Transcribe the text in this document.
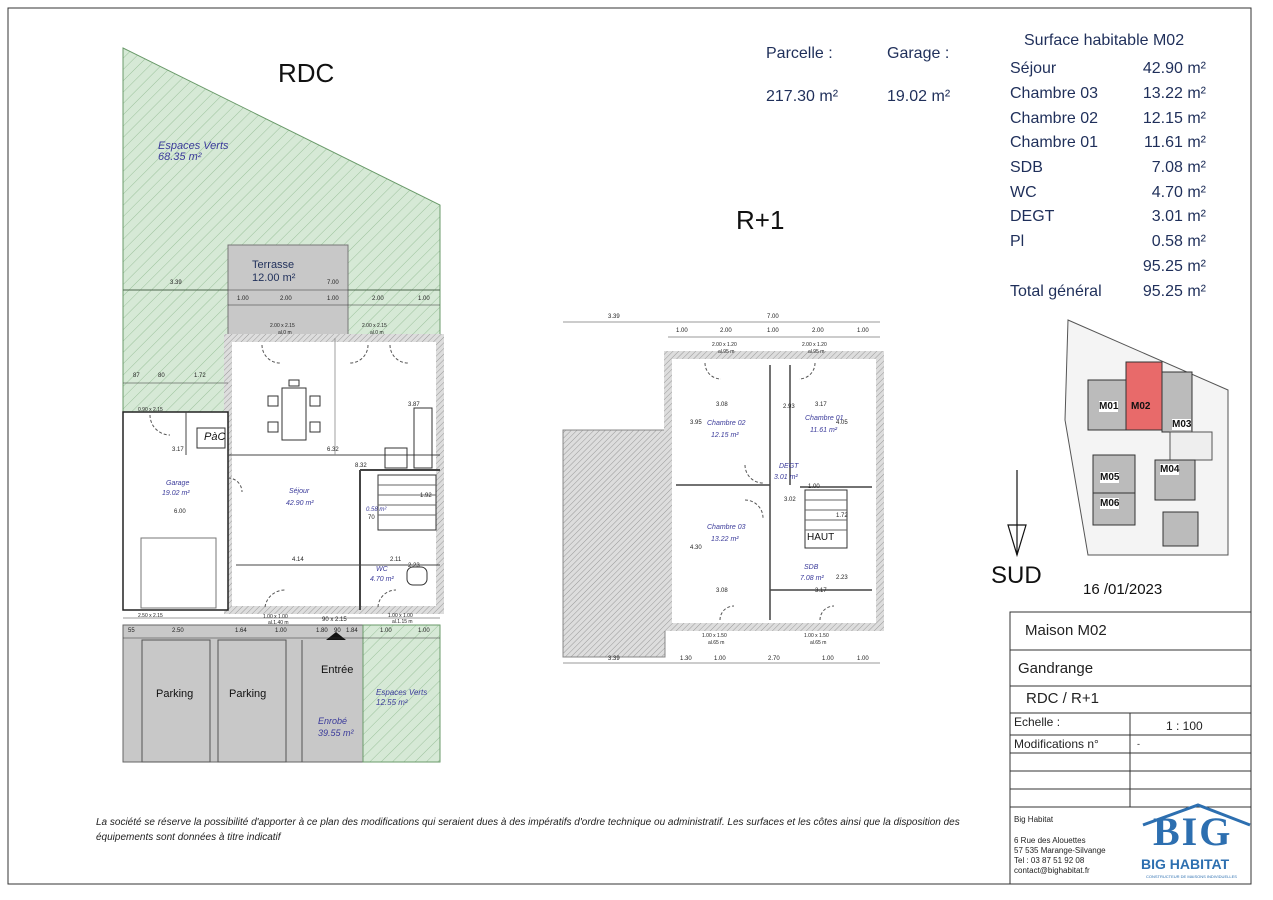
RDC
Espaces Verts
68.35 m²
Terrasse
12.00 m²
PàC
Garage
19.02 m²	Séjour
42.90 m²
0.58 m²
WC
4.70 m²
Parking	Parking
Entrée
Enrobé
39.55 m²
Espaces Verts
12.55 m²
3.39	7.00
1.00	2.00	1.00	2.00	1.00
2.00 x 2.15
al.0 m
2.00 x 2.15
al.0 m
87	80	1.72
0.90 x 2.15
3.17	6.32
3.87
8.32
6.00
4.14	2.11
2.23
1.92
70
2.50 x 2.15	1.00 x 1.00
al.1.40 m
1.00 x 1.00
al.1.15 m
90 x 2.15
55	2.50	1.64	1.00	1.80 90 1.84	1.00	1.00
R+1
Chambre 02
12.15 m²
Chambre 01
11.61 m²
DEGT
3.01 m²
Chambre 03
13.22 m²
SDB
7.08 m²
HAUT
3.39	7.00
1.00	2.00	1.00	2.00	1.00
2.00 x 1.20
al.95 m
2.00 x 1.20
al.95 m
3.08	3.17
3.95
2.93
4.05
3.02
1.00
1.72
4.30
2.23
3.08	3.17
1.00 x 1.50
al.65 m
1.00 x 1.50
al.65 m
3.39	1.30	1.00	2.70	1.00	1.00
Parcelle :
217.30 m²
Garage :
19.02 m²
Surface habitable M02
Séjour	42.90 m²
Chambre 03	13.22 m²
Chambre 02	12.15 m²
Chambre 01	11.61 m²
SDB	7.08 m²
WC	4.70 m²
DEGT	3.01 m²
Pl	0.58 m²
95.25 m²
Total général	95.25 m²
M01 M02
M03
M04
M05
M06
SUD
16 /01/2023
Maison M02
Gandrange
RDC / R+1
Echelle :	1 : 100
Modifications n°	-
Big Habitat
6 Rue des Alouettes
57 535 Marange-Silvange
Tel : 03 87 51 92 08
contact@bighabitat.fr
BIG
BIG HABITAT
CONSTRUCTEUR DE MAISONS INDIVIDUELLES
La société se réserve la possibilité d'apporter à ce plan des modifications qui seraient dues à des impératifs d'ordre technique ou administratif. Les surfaces et les côtes ainsi que la disposition des équipements sont données à titre indicatif
